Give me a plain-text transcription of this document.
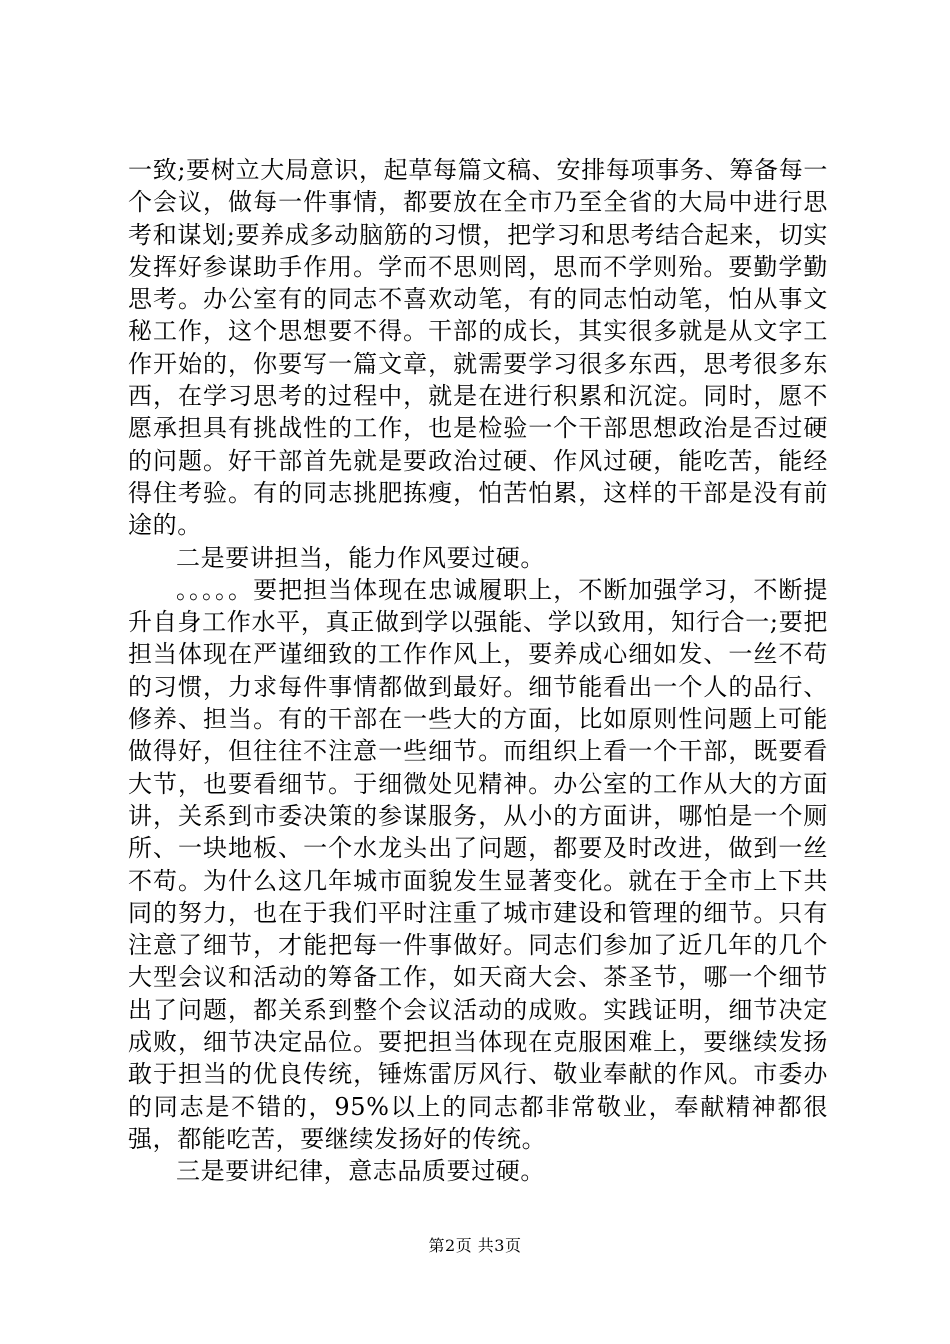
一致;要树立大局意识，起草每篇文稿、安排每项事务、筹备每一个会议，做每一件事情，都要放在全市乃至全省的大局中进行思考和谋划;要养成多动脑筋的习惯，把学习和思考结合起来，切实发挥好参谋助手作用。学而不思则罔，思而不学则殆。要勤学勤思考。办公室有的同志不喜欢动笔，有的同志怕动笔，怕从事文秘工作，这个思想要不得。干部的成长，其实很多就是从文字工作开始的，你要写一篇文章，就需要学习很多东西，思考很多东西，在学习思考的过程中，就是在进行积累和沉淀。同时，愿不愿承担具有挑战性的工作，也是检验一个干部思想政治是否过硬的问题。好干部首先就是要政治过硬、作风过硬，能吃苦，能经得住考验。有的同志挑肥拣瘦，怕苦怕累，这样的干部是没有前途的。

二是要讲担当，能力作风要过硬。

。。。。。要把担当体现在忠诚履职上，不断加强学习，不断提升自身工作水平，真正做到学以强能、学以致用，知行合一;要把担当体现在严谨细致的工作作风上，要养成心细如发、一丝不苟的习惯，力求每件事情都做到最好。细节能看出一个人的品行、修养、担当。有的干部在一些大的方面，比如原则性问题上可能做得好，但往往不注意一些细节。而组织上看一个干部，既要看大节，也要看细节。于细微处见精神。办公室的工作从大的方面讲，关系到市委决策的参谋服务，从小的方面讲，哪怕是一个厕所、一块地板、一个水龙头出了问题，都要及时改进，做到一丝不苟。为什么这几年城市面貌发生显著变化。就在于全市上下共同的努力，也在于我们平时注重了城市建设和管理的细节。只有注意了细节，才能把每一件事做好。同志们参加了近几年的几个大型会议和活动的筹备工作，如天商大会、茶圣节，哪一个细节出了问题，都关系到整个会议活动的成败。实践证明，细节决定成败，细节决定品位。要把担当体现在克服困难上，要继续发扬敢于担当的优良传统，锤炼雷厉风行、敬业奉献的作风。市委办的同志是不错的，95%以上的同志都非常敬业，奉献精神都很强，都能吃苦，要继续发扬好的传统。

三是要讲纪律，意志品质要过硬。

第2页 共3页
